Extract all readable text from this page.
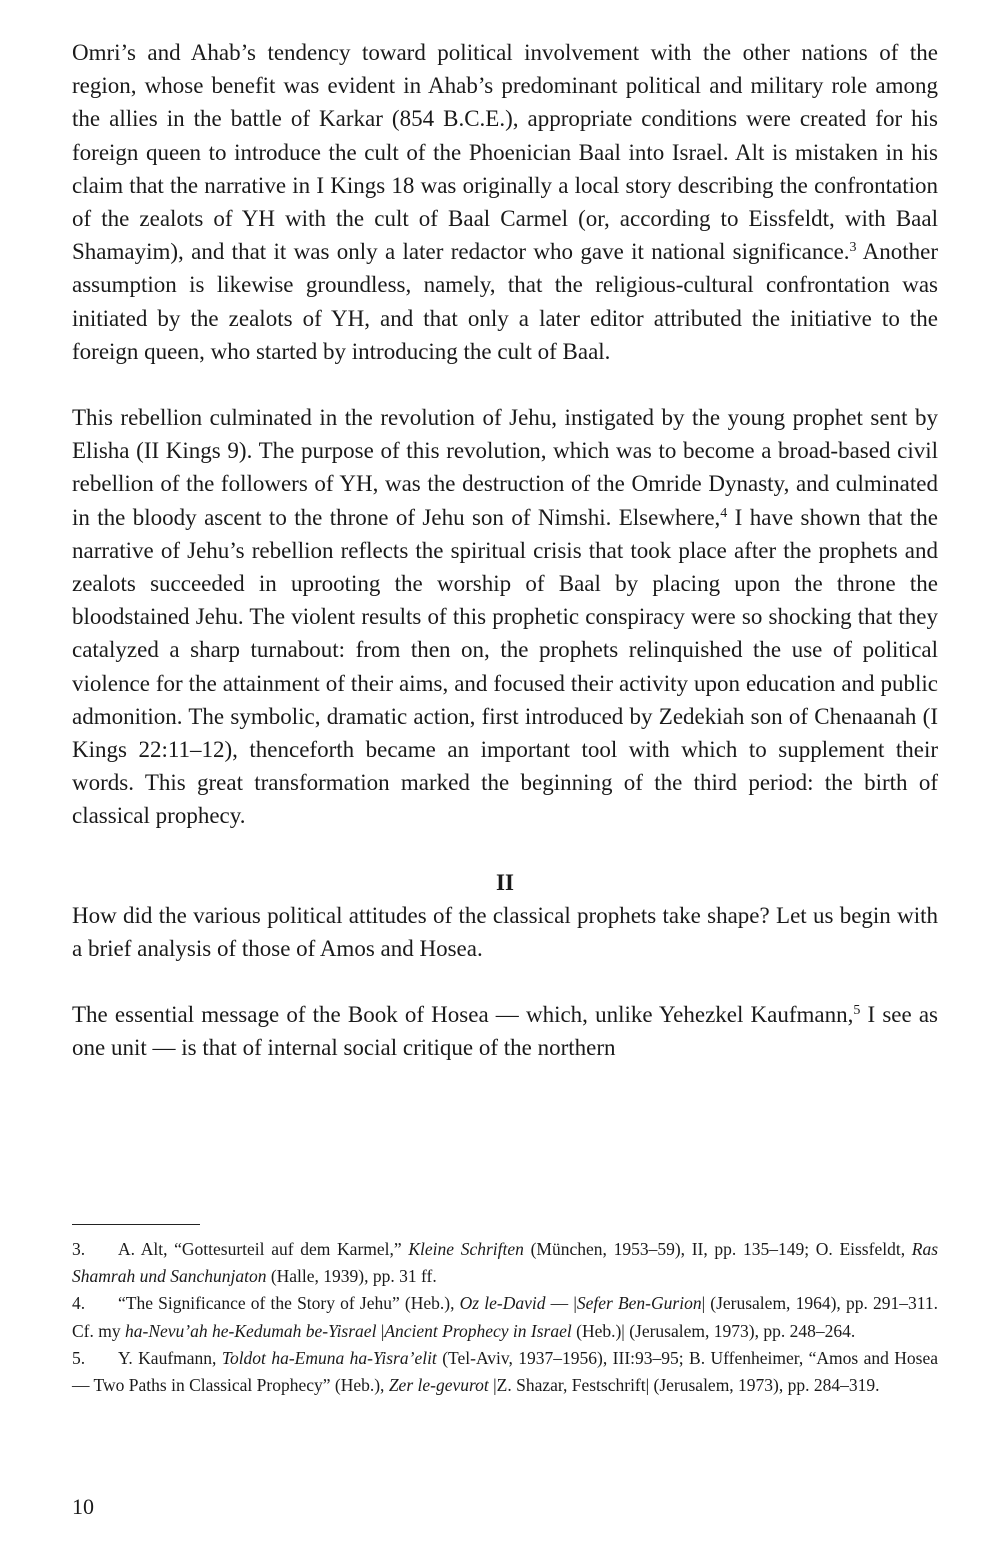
Omri’s and Ahab’s tendency toward political involvement with the other nations of the region, whose benefit was evident in Ahab’s predominant political and military role among the allies in the battle of Karkar (854 B.C.E.), appropriate conditions were created for his foreign queen to introduce the cult of the Phoenician Baal into Israel. Alt is mistaken in his claim that the narrative in I Kings 18 was originally a local story describing the confrontation of the zealots of YH with the cult of Baal Carmel (or, according to Eissfeldt, with Baal Shamayim), and that it was only a later redactor who gave it national significance.$^3$ Another assumption is likewise groundless, namely, that the religious-cultural confrontation was initiated by the zealots of YH, and that only a later editor attributed the initiative to the foreign queen, who started by introducing the cult of Baal.

This rebellion culminated in the revolution of Jehu, instigated by the young prophet sent by Elisha (II Kings 9). The purpose of this revolution, which was to become a broad-based civil rebellion of the followers of YH, was the destruction of the Omride Dynasty, and culminated in the bloody ascent to the throne of Jehu son of Nimshi. Elsewhere,$^4$ I have shown that the narrative of Jehu’s rebellion reflects the spiritual crisis that took place after the prophets and zealots succeeded in uprooting the worship of Baal by placing upon the throne the bloodstained Jehu. The violent results of this prophetic conspiracy were so shocking that they catalyzed a sharp turnabout: from then on, the prophets relinquished the use of political violence for the attainment of their aims, and focused their activity upon education and public admonition. The symbolic, dramatic action, first introduced by Zedekiah son of Chenaanah (I Kings 22:11–12), thenceforth became an important tool with which to supplement their words. This great transformation marked the beginning of the third period: the birth of classical prophecy.

II

How did the various political attitudes of the classical prophets take shape? Let us begin with a brief analysis of those of Amos and Hosea.

The essential message of the Book of Hosea — which, unlike Yehezkel Kaufmann,$^5$ I see as one unit — is that of internal social critique of the northern

3. A. Alt, “Gottesurteil auf dem Karmel,” Kleine Schriften (München, 1953–59), II, pp. 135–149; O. Eissfeldt, Ras Shamrah und Sanchunjaton (Halle, 1939), pp. 31 ff.

4. “The Significance of the Story of Jehu” (Heb.), Oz le-David — |Sefer Ben-Gurion| (Jerusalem, 1964), pp. 291–311. Cf. my ha-Nevu’ah he-Kedumah be-Yisrael |Ancient Prophecy in Israel (Heb.)| (Jerusalem, 1973), pp. 248–264.

5. Y. Kaufmann, Toldot ha-Emuna ha-Yisra’elit (Tel-Aviv, 1937–1956), III:93–95; B. Uffenheimer, “Amos and Hosea — Two Paths in Classical Prophecy” (Heb.), Zer le-gevurot |Z. Shazar, Festschrift| (Jerusalem, 1973), pp. 284–319.

10
